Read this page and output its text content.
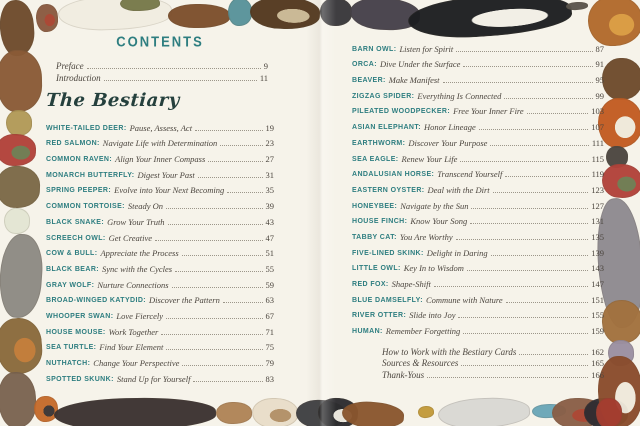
CONTENTS
Preface	9
Introduction	11
The Bestiary
WHITE-TAILED DEER: Pause, Assess, Act	19
RED SALMON: Navigate Life with Determination	23
COMMON RAVEN: Align Your Inner Compass	27
MONARCH BUTTERFLY: Digest Your Past	31
SPRING PEEPER: Evolve into Your Next Becoming	35
COMMON TORTOISE: Steady On	39
BLACK SNAKE: Grow Your Truth	43
SCREECH OWL: Get Creative	47
COW & BULL: Appreciate the Process	51
BLACK BEAR: Sync with the Cycles	55
GRAY WOLF: Nurture Connections	59
BROAD-WINGED KATYDID: Discover the Pattern	63
WHOOPER SWAN: Love Fiercely	67
HOUSE MOUSE: Work Together	71
SEA TURTLE: Find Your Element	75
NUTHATCH: Change Your Perspective	79
SPOTTED SKUNK: Stand Up for Yourself	83
BARN OWL: Listen for Spirit	87
ORCA: Dive Under the Surface	91
BEAVER: Make Manifest	95
ZIGZAG SPIDER: Everything Is Connected	99
PILEATED WOODPECKER: Free Your Inner Fire	103
ASIAN ELEPHANT: Honor Lineage	107
EARTHWORM: Discover Your Purpose	111
SEA EAGLE: Renew Your Life	115
ANDALUSIAN HORSE: Transcend Yourself	119
EASTERN OYSTER: Deal with the Dirt	123
HONEYBEE: Navigate by the Sun	127
HOUSE FINCH: Know Your Song	131
TABBY CAT: You Are Worthy	135
FIVE-LINED SKINK: Delight in Daring	139
LITTLE OWL: Key In to Wisdom	143
RED FOX: Shape-Shift	147
BLUE DAMSELFLY: Commune with Nature	151
RIVER OTTER: Slide into Joy	155
HUMAN: Remember Forgetting	159
How to Work with the Bestiary Cards	162
Sources & Resources	165
Thank-Yous	166
